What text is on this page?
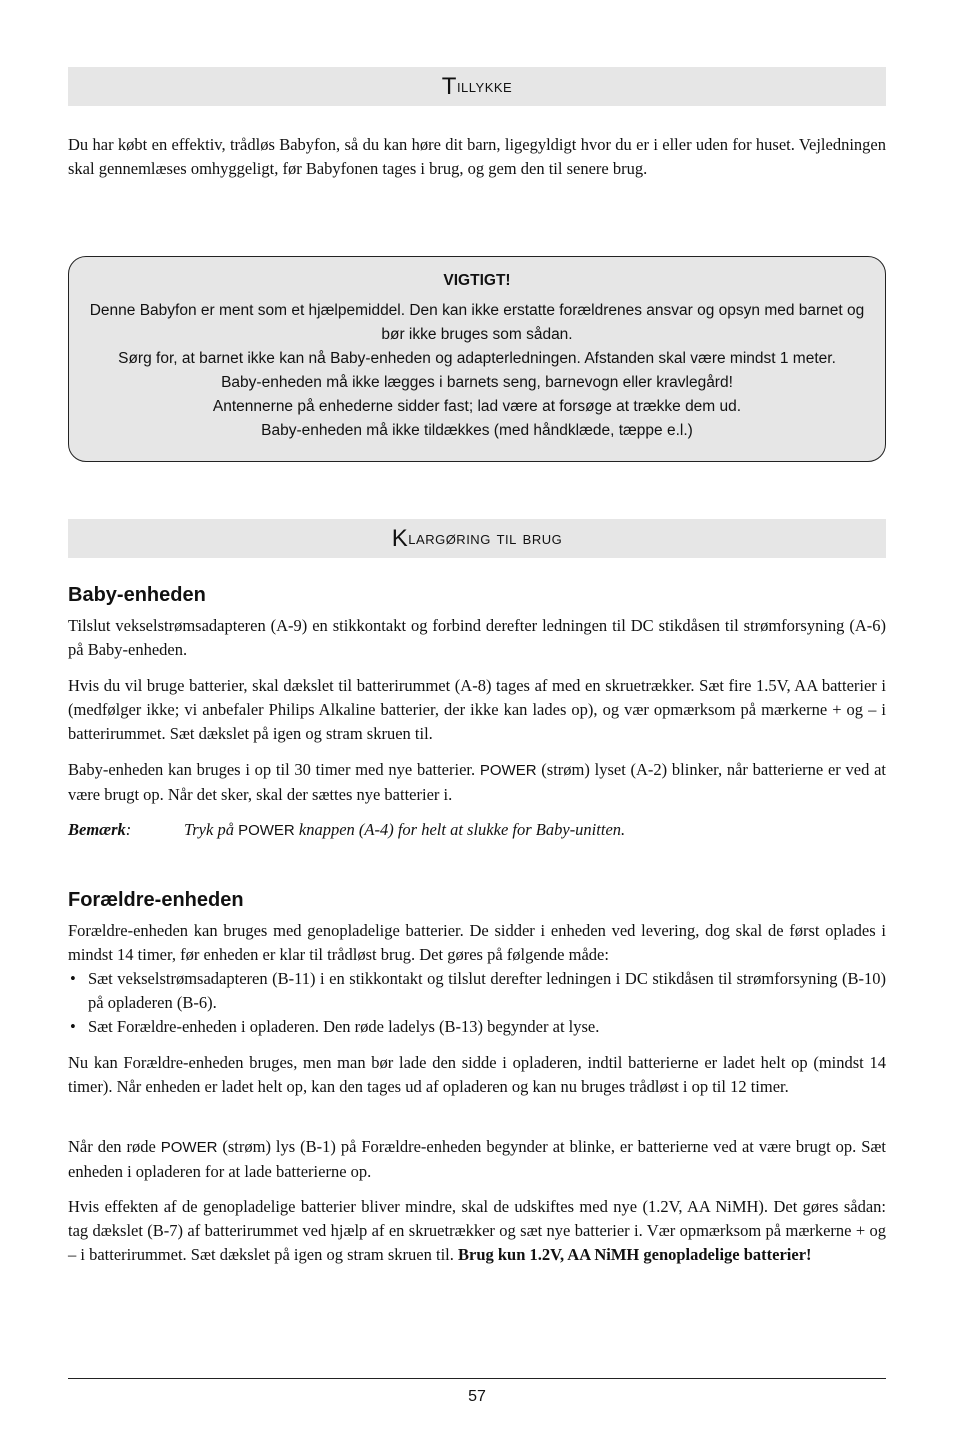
T illykke

Du har købt en effektiv, trådløs Babyfon, så du kan høre dit barn, ligegyldigt hvor du er i eller uden for huset. Vejledningen skal gennemlæses omhyggeligt, før Babyfonen tages i brug, og gem den til senere brug.

VIGTIGT!
Denne Babyfon er ment som et hjælpemiddel. Den kan ikke erstatte forældrenes ansvar og opsyn med barnet og bør ikke bruges som sådan.
Sørg for, at barnet ikke kan nå Baby-enheden og adapterledningen. Afstanden skal være mindst 1 meter.
Baby-enheden må ikke lægges i barnets seng, barnevogn eller kravlegård!
Antennerne på enhederne sidder fast; lad være at forsøge at trække dem ud.
Baby-enheden må ikke tildækkes (med håndklæde, tæppe e.l.)
K largøring til brug
Baby-enheden

Tilslut vekselstrømsadapteren (A-9) en stikkontakt og forbind derefter ledningen til DC stikdåsen til strømforsyning (A-6) på Baby-enheden.

Hvis du vil bruge batterier, skal dækslet til batterirummet (A-8) tages af med en skruetrækker. Sæt fire 1.5V, AA batterier i (medfølger ikke; vi anbefaler Philips Alkaline batterier, der ikke kan lades op), og vær opmærksom på mærkerne + og – i batterirummet. Sæt dækslet på igen og stram skruen til.

Baby-enheden kan bruges i op til 30 timer med nye batterier. POWER (strøm) lyset (A-2) blinker, når batterierne er ved at være brugt op. Når det sker, skal der sættes nye batterier i.

Bemærk:	Tryk på POWER knappen (A-4) for helt at slukke for Baby-unitten.
Forældre-enheden

Forældre-enheden kan bruges med genopladelige batterier. De sidder i enheden ved levering, dog skal de først oplades i mindst 14 timer, før enheden er klar til trådløst brug. Det gøres på følgende måde:

• Sæt vekselstrømsadapteren (B-11) i en stikkontakt og tilslut derefter ledningen i DC stikdåsen til strømforsyning (B-10) på opladeren (B-6).
• Sæt Forældre-enheden i opladeren. Den røde ladelys (B-13) begynder at lyse.

Nu kan Forældre-enheden bruges, men man bør lade den sidde i opladeren, indtil batterierne er ladet helt op (mindst 14 timer). Når enheden er ladet helt op, kan den tages ud af opladeren og kan nu bruges trådløst i op til 12 timer.

Når den røde POWER (strøm) lys (B-1) på Forældre-enheden begynder at blinke, er batterierne ved at være brugt op. Sæt enheden i opladeren for at lade batterierne op.

Hvis effekten af de genopladelige batterier bliver mindre, skal de udskiftes med nye (1.2V, AA NiMH). Det gøres sådan: tag dækslet (B-7) af batterirummet ved hjælp af en skruetrækker og sæt nye batterier i. Vær opmærksom på mærkerne + og – i batterirummet. Sæt dækslet på igen og stram skruen til. Brug kun 1.2V, AA NiMH genopladelige batterier!

57
